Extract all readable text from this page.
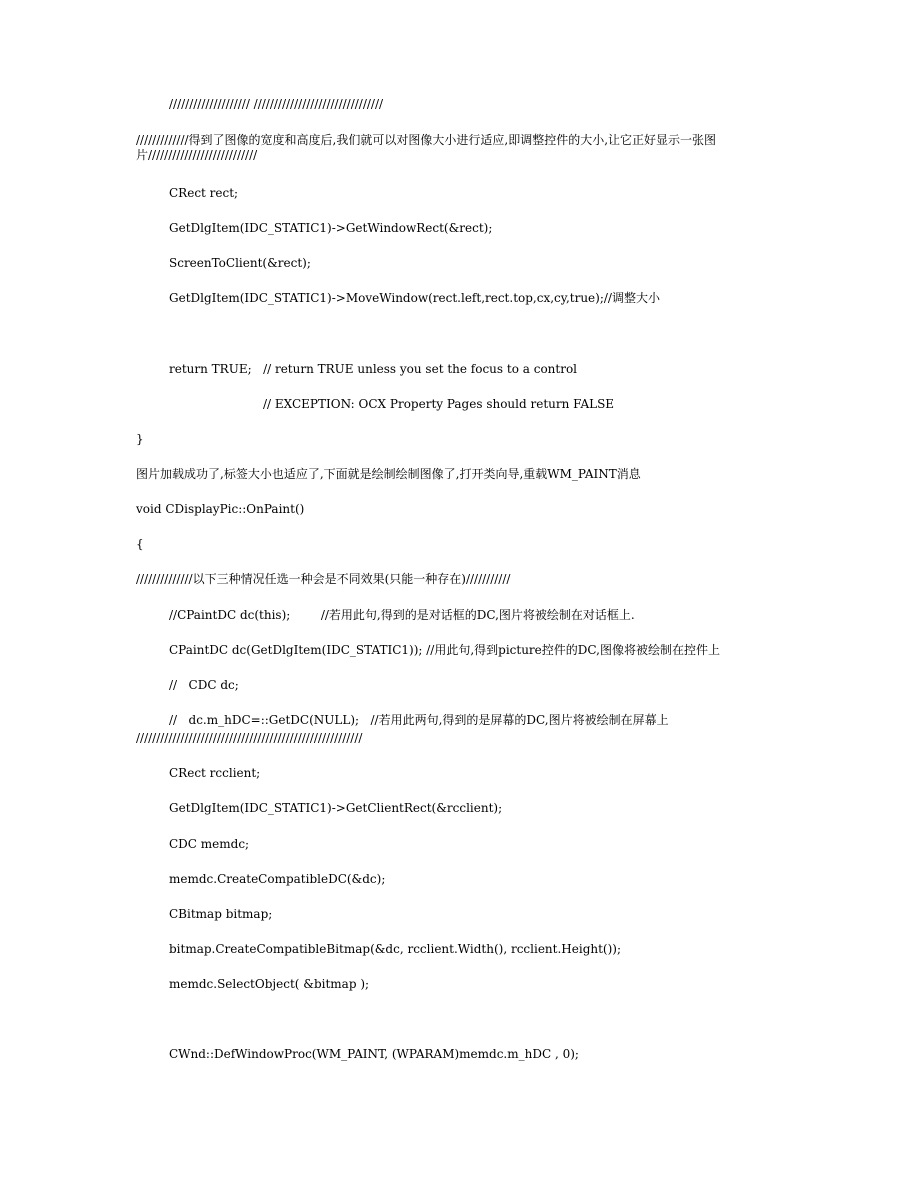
//////////////////// ////////////////////////////////

/////////////得到了图像的宽度和高度后,我们就可以对图像大小进行适应,即调整控件的大小,让它正好显示一张图片///////////////////////////

CRect rect;

GetDlgItem(IDC_STATIC1)->GetWindowRect(&rect);

ScreenToClient(&rect);

GetDlgItem(IDC_STATIC1)->MoveWindow(rect.left,rect.top,cx,cy,true);//调整大小

return TRUE;   // return TRUE unless you set the focus to a control

// EXCEPTION: OCX Property Pages should return FALSE

}

图片加载成功了,标签大小也适应了,下面就是绘制绘制图像了,打开类向导,重载WM_PAINT消息

void CDisplayPic::OnPaint()

{

//////////////以下三种情况任选一种会是不同效果(只能一种存在)///////////

//CPaintDC dc(this);        //若用此句,得到的是对话框的DC,图片将被绘制在对话框上.

CPaintDC dc(GetDlgItem(IDC_STATIC1)); //用此句,得到picture控件的DC,图像将被绘制在控件上

//   CDC dc;

//   dc.m_hDC=::GetDC(NULL);   //若用此两句,得到的是屏幕的DC,图片将被绘制在屏幕上

////////////////////////////////////////////////////////

CRect rcclient;

GetDlgItem(IDC_STATIC1)->GetClientRect(&rcclient);

CDC memdc;

memdc.CreateCompatibleDC(&dc);

CBitmap bitmap;

bitmap.CreateCompatibleBitmap(&dc, rcclient.Width(), rcclient.Height());

memdc.SelectObject( &bitmap );

CWnd::DefWindowProc(WM_PAINT, (WPARAM)memdc.m_hDC , 0);
